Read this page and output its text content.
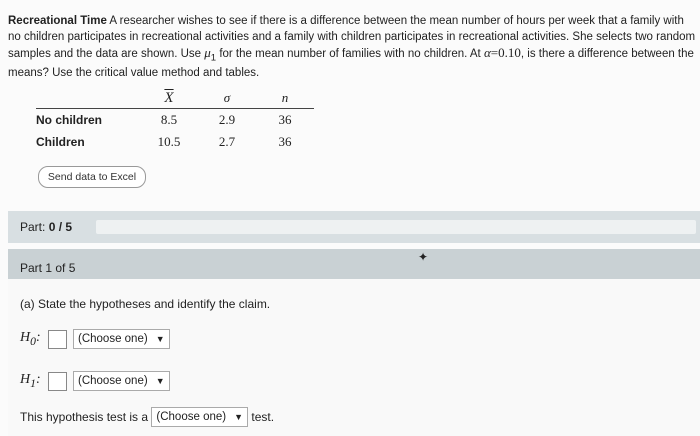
Recreational Time A researcher wishes to see if there is a difference between the mean number of hours per week that a family with no children participates in recreational activities and a family with children participates in recreational activities. She selects two random samples and the data are shown. Use $\mu_1$ for the mean number of families with no children. At α=0.10, is there a difference between the means? Use the critical value method and tables.
	$\overline{X}$	σ	n
No children	8.5	2.9	36
Children	10.5	2.7	36
Send data to Excel
Part: 0 / 5
Part 1 of 5
(a) State the hypotheses and identify the claim.
$H_0$:	(Choose one) ▼
$H_1$:	(Choose one) ▼
This hypothesis test is a
(Choose one) ▼
test.
✦
